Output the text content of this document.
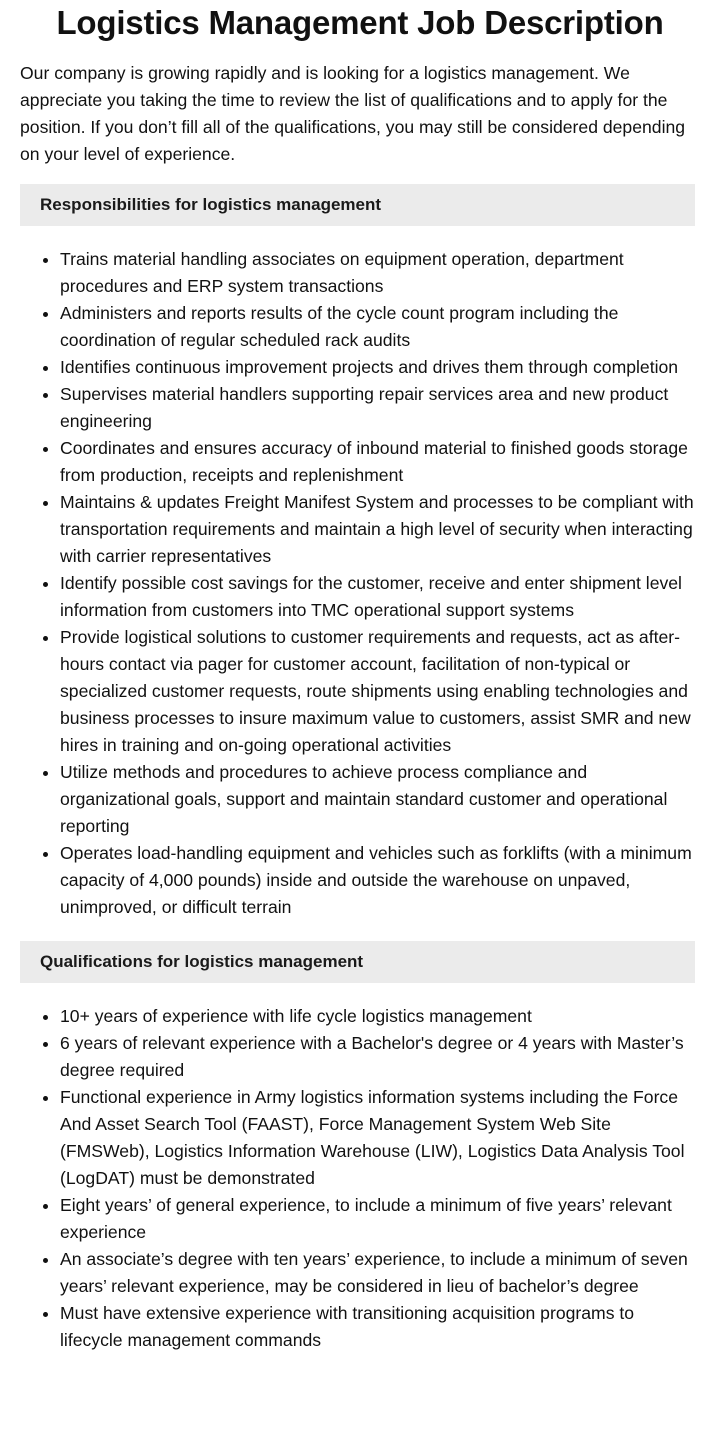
Logistics Management Job Description

Our company is growing rapidly and is looking for a logistics management. We appreciate you taking the time to review the list of qualifications and to apply for the position. If you don’t fill all of the qualifications, you may still be considered depending on your level of experience.

Responsibilities for logistics management
• Trains material handling associates on equipment operation, department procedures and ERP system transactions
• Administers and reports results of the cycle count program including the coordination of regular scheduled rack audits
• Identifies continuous improvement projects and drives them through completion
• Supervises material handlers supporting repair services area and new product engineering
• Coordinates and ensures accuracy of inbound material to finished goods storage from production, receipts and replenishment
• Maintains & updates Freight Manifest System and processes to be compliant with transportation requirements and maintain a high level of security when interacting with carrier representatives
• Identify possible cost savings for the customer, receive and enter shipment level information from customers into TMC operational support systems
• Provide logistical solutions to customer requirements and requests, act as after-hours contact via pager for customer account, facilitation of non-typical or specialized customer requests, route shipments using enabling technologies and business processes to insure maximum value to customers, assist SMR and new hires in training and on-going operational activities
• Utilize methods and procedures to achieve process compliance and organizational goals, support and maintain standard customer and operational reporting
• Operates load-handling equipment and vehicles such as forklifts (with a minimum capacity of 4,000 pounds) inside and outside the warehouse on unpaved, unimproved, or difficult terrain
Qualifications for logistics management
• 10+ years of experience with life cycle logistics management
• 6 years of relevant experience with a Bachelor's degree or 4 years with Master’s degree required
• Functional experience in Army logistics information systems including the Force And Asset Search Tool (FAAST), Force Management System Web Site (FMSWeb), Logistics Information Warehouse (LIW), Logistics Data Analysis Tool (LogDAT) must be demonstrated
• Eight years’ of general experience, to include a minimum of five years’ relevant experience
• An associate’s degree with ten years’ experience, to include a minimum of seven years’ relevant experience, may be considered in lieu of bachelor’s degree
• Must have extensive experience with transitioning acquisition programs to lifecycle management commands
